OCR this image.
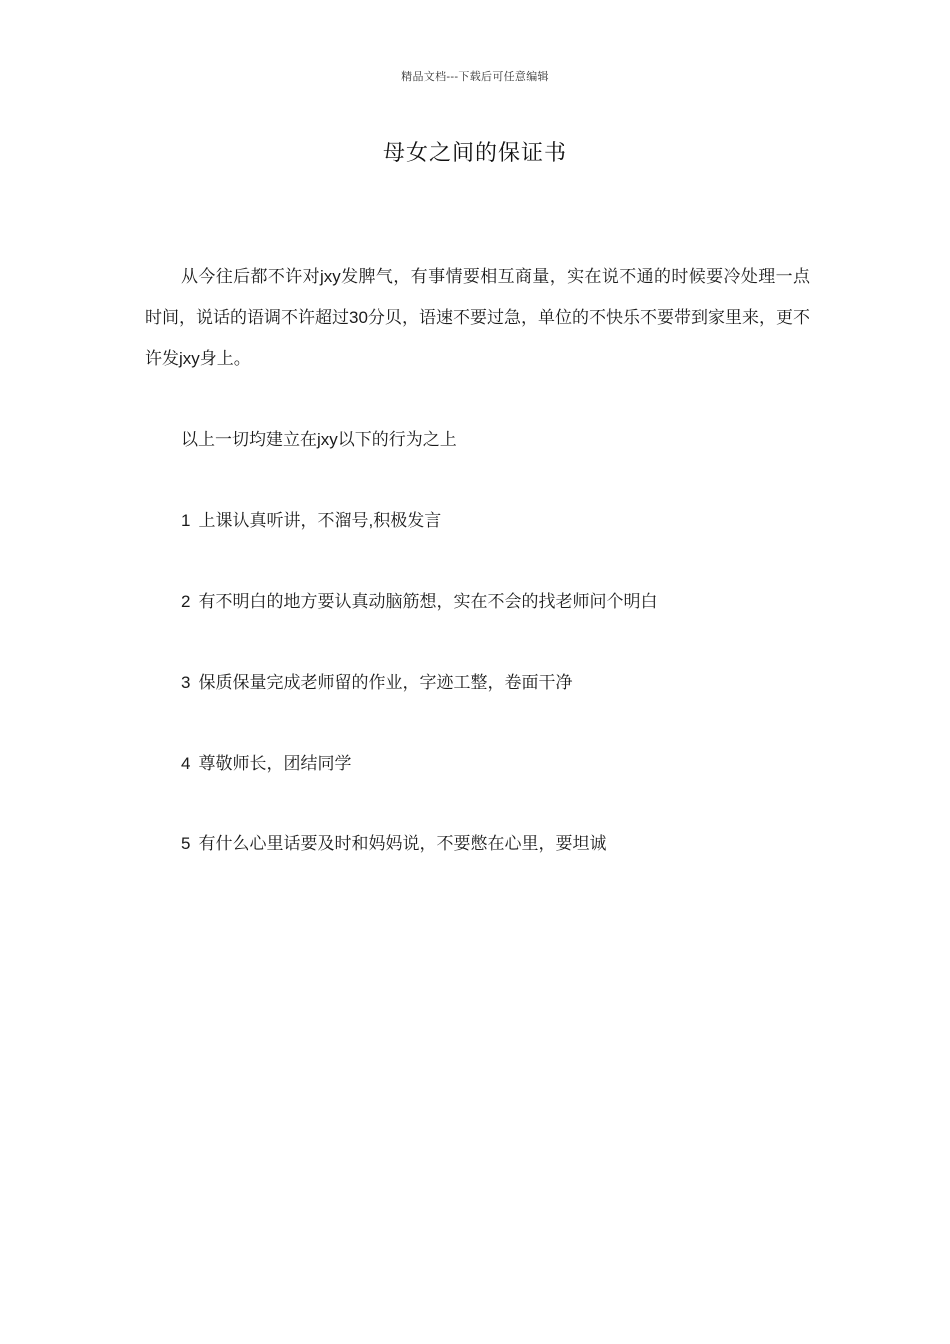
精品文档---下载后可任意编辑
母女之间的保证书
从今往后都不许对jxy发脾气，有事情要相互商量，实在说不通的时候要冷处理一点时间，说话的语调不许超过30分贝，语速不要过急，单位的不快乐不要带到家里来，更不许发jxy身上。
以上一切均建立在jxy以下的行为之上
1 上课认真听讲，不溜号,积极发言
2 有不明白的地方要认真动脑筋想，实在不会的找老师问个明白
3 保质保量完成老师留的作业，字迹工整，卷面干净
4 尊敬师长，团结同学
5 有什么心里话要及时和妈妈说，不要憋在心里，要坦诚
